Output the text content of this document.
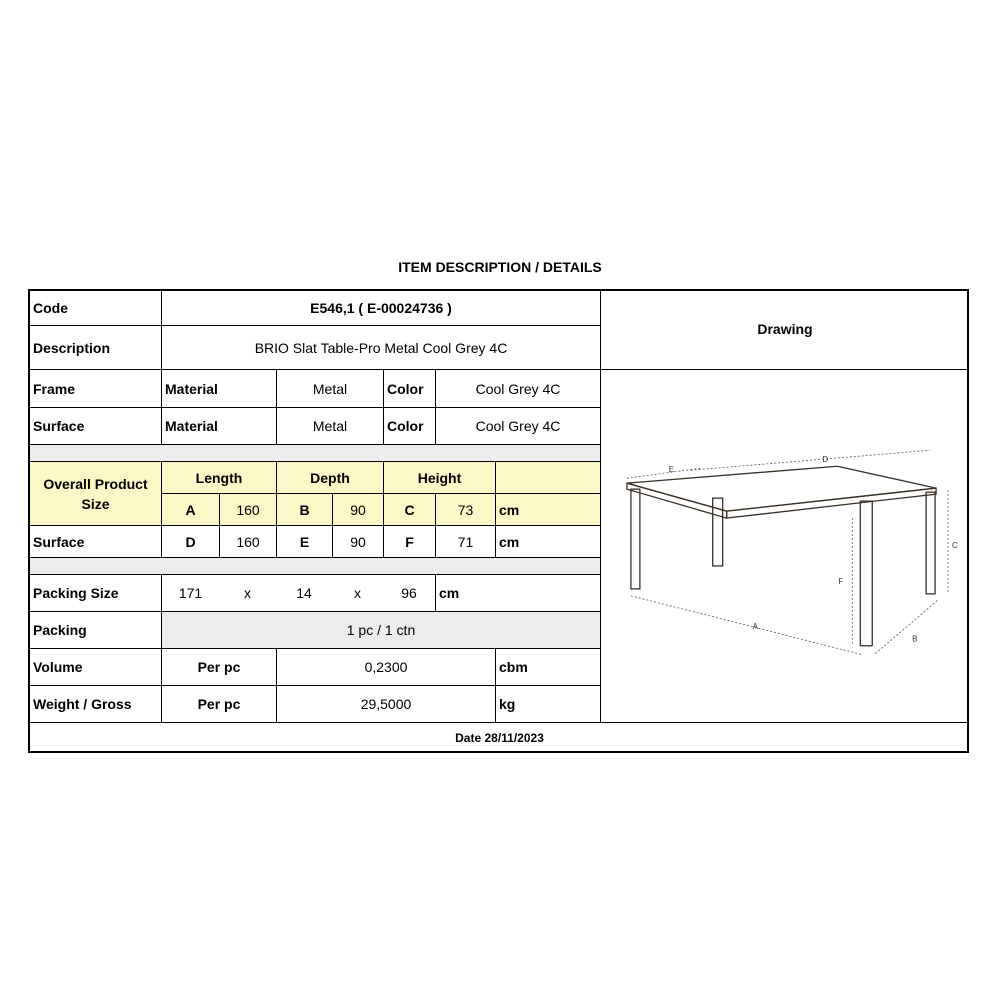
ITEM DESCRIPTION / DETAILS
Code	E546,1 ( E-00024736 )
Drawing
Description	BRIO Slat Table-Pro Metal Cool Grey 4C
Frame	Material	Metal	Color	Cool Grey 4C
Surface	Material	Metal	Color	Cool Grey 4C
Overall Product Size
Length	Depth	Height
A	160	B	90	C	73	cm
Surface	D	160	E	90	F	71	cm
Packing Size	171	x	14	x	96	cm
Packing	1 pc / 1 ctn
Volume	Per pc	0,2300	cbm
Weight / Gross	Per pc	29,5000	kg
E
D
C
F
A
B
Date 28/11/2023
